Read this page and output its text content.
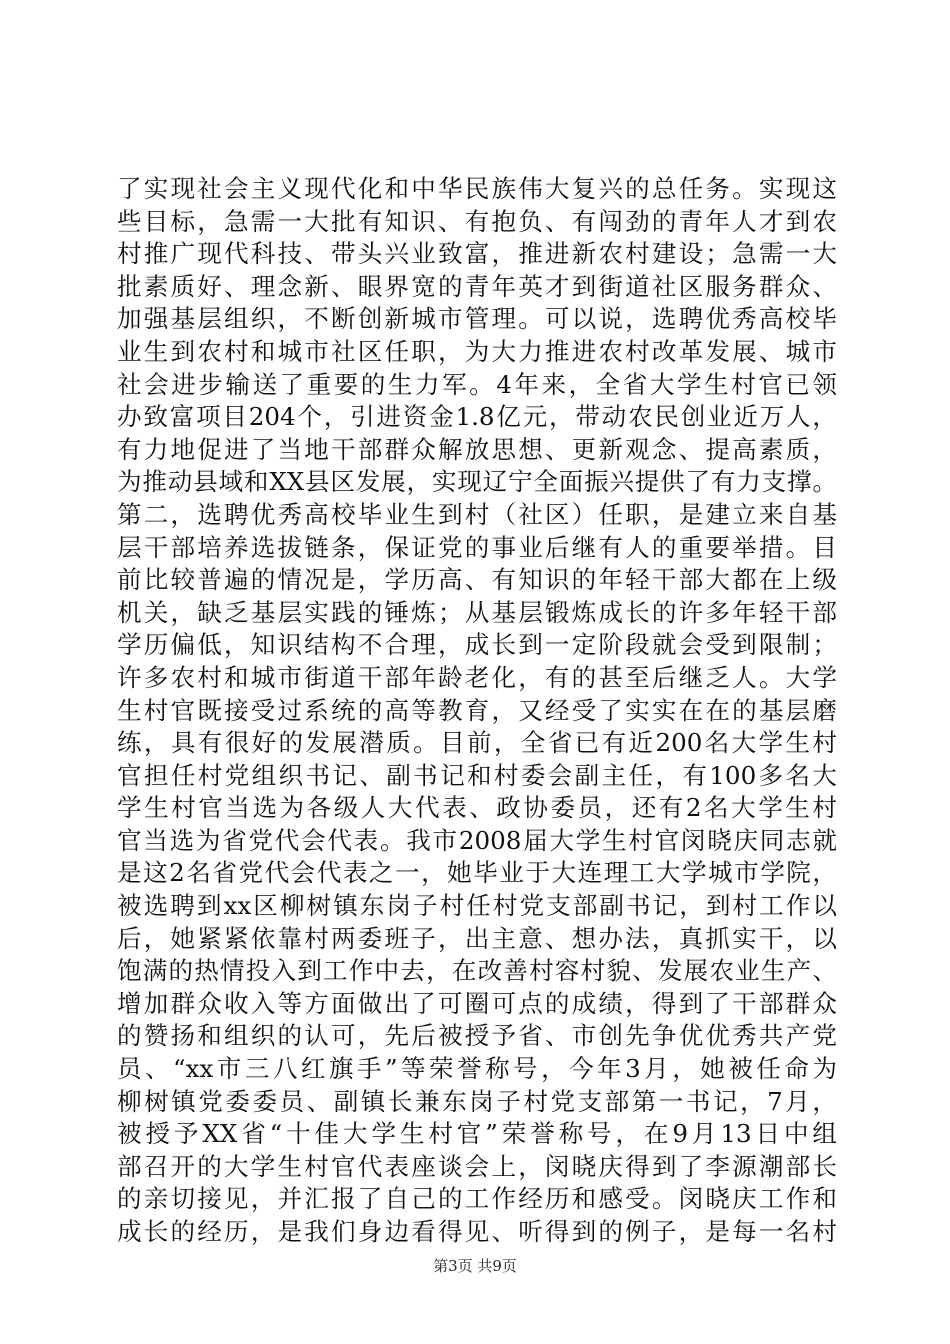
了实现社会主义现代化和中华民族伟大复兴的总任务。实现这
些目标，急需一大批有知识、有抱负、有闯劲的青年人才到农
村推广现代科技、带头兴业致富，推进新农村建设；急需一大
批素质好、理念新、眼界宽的青年英才到街道社区服务群众、
加强基层组织，不断创新城市管理。可以说，选聘优秀高校毕
业生到农村和城市社区任职，为大力推进农村改革发展、城市
社会进步输送了重要的生力军。4年来，全省大学生村官已领
办致富项目204个，引进资金1.8亿元，带动农民创业近万人，
有力地促进了当地干部群众解放思想、更新观念、提高素质，
为推动县域和XX县区发展，实现辽宁全面振兴提供了有力支撑。
第二，选聘优秀高校毕业生到村（社区）任职，是建立来自基
层干部培养选拔链条，保证党的事业后继有人的重要举措。目
前比较普遍的情况是，学历高、有知识的年轻干部大都在上级
机关，缺乏基层实践的锤炼；从基层锻炼成长的许多年轻干部
学历偏低，知识结构不合理，成长到一定阶段就会受到限制；
许多农村和城市街道干部年龄老化，有的甚至后继乏人。大学
生村官既接受过系统的高等教育，又经受了实实在在的基层磨
练，具有很好的发展潜质。目前，全省已有近200名大学生村
官担任村党组织书记、副书记和村委会副主任，有100多名大
学生村官当选为各级人大代表、政协委员，还有2名大学生村
官当选为省党代会代表。我市2008届大学生村官闵晓庆同志就
是这2名省党代会代表之一，她毕业于大连理工大学城市学院，
被选聘到xx区柳树镇东岗子村任村党支部副书记，到村工作以
后，她紧紧依靠村两委班子，出主意、想办法，真抓实干，以
饱满的热情投入到工作中去，在改善村容村貌、发展农业生产、
增加群众收入等方面做出了可圈可点的成绩，得到了干部群众
的赞扬和组织的认可，先后被授予省、市创先争优优秀共产党
员、“xx市三八红旗手”等荣誉称号，今年3月，她被任命为
柳树镇党委委员、副镇长兼东岗子村党支部第一书记，7月，
被授予XX省“十佳大学生村官”荣誉称号，在9月13日中组
部召开的大学生村官代表座谈会上，闵晓庆得到了李源潮部长
的亲切接见，并汇报了自己的工作经历和感受。闵晓庆工作和
成长的经历，是我们身边看得见、听得到的例子，是每一名村
第3页 共9页
